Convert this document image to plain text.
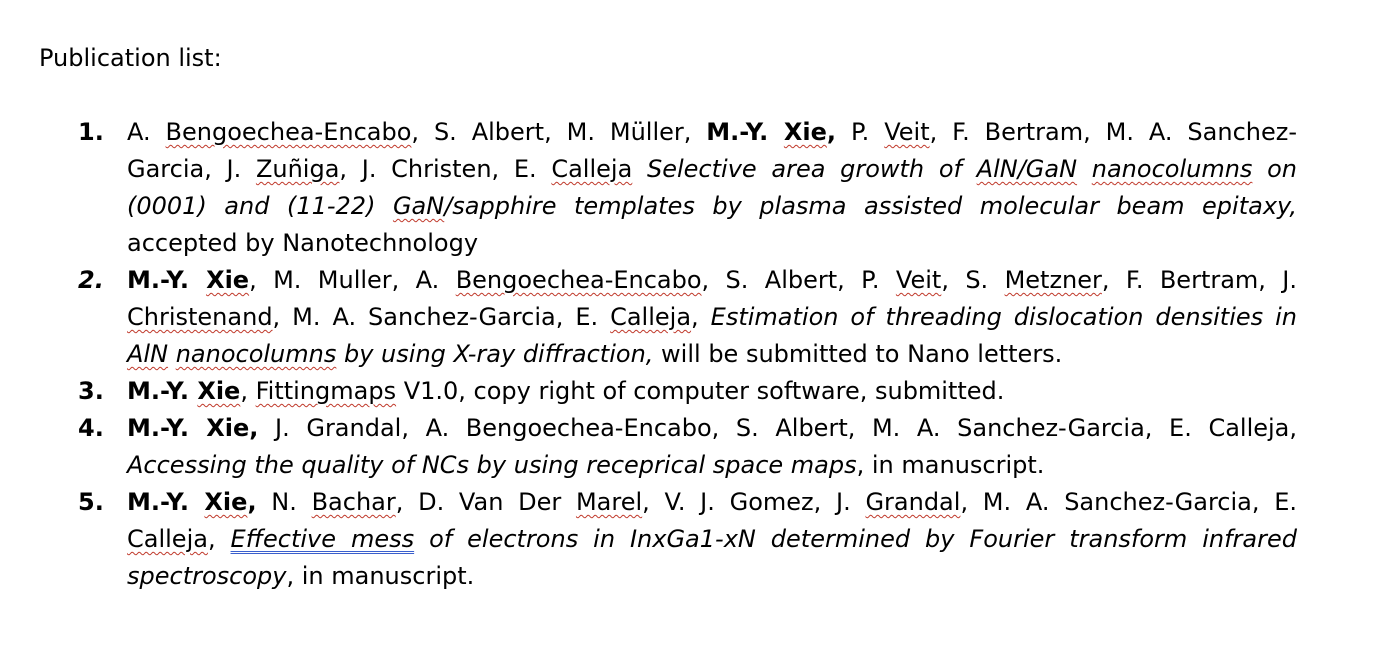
Publication list:
1. A. Bengoechea-Encabo, S. Albert, M. Müller, M.-Y. Xie, P. Veit, F. Bertram, M. A. Sanchez-
Garcia, J. Zuñiga, J. Christen, E. Calleja Selective area growth of AlN/GaN nanocolumns on
(0001) and (11-22) GaN/sapphire templates by plasma assisted molecular beam epitaxy,
accepted by Nanotechnology
2. M.-Y. Xie, M. Muller, A. Bengoechea-Encabo, S. Albert, P. Veit, S. Metzner, F. Bertram, J.
Christenand, M. A. Sanchez-Garcia, E. Calleja, Estimation of threading dislocation densities in
AlN nanocolumns by using X-ray diffraction, will be submitted to Nano letters.
3. M.-Y. Xie, Fittingmaps V1.0, copy right of computer software, submitted.
4. M.-Y. Xie, J. Grandal, A. Bengoechea-Encabo, S. Albert, M. A. Sanchez-Garcia, E. Calleja,
Accessing the quality of NCs by using receprical space maps, in manuscript.
5. M.-Y. Xie, N. Bachar, D. Van Der Marel, V. J. Gomez, J. Grandal, M. A. Sanchez-Garcia, E.
Calleja, Effective mess of electrons in InxGa1-xN determined by Fourier transform infrared
spectroscopy, in manuscript.
